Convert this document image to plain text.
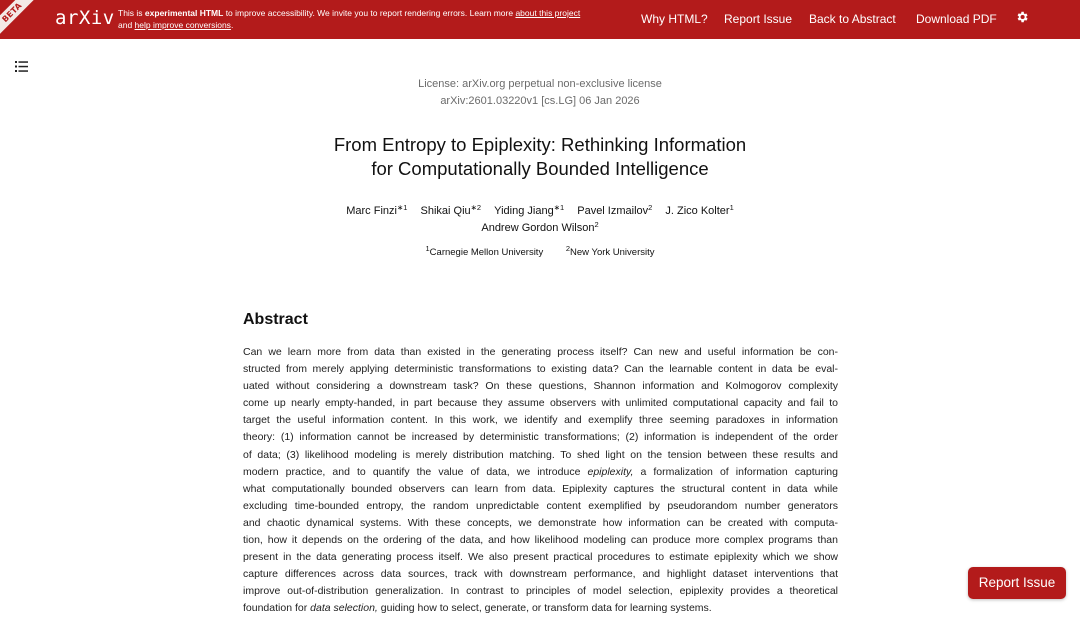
BETA	arXiv This is experimental HTML to improve accessibility. We invite you to report rendering errors. Learn more about this project
and help improve conversions.	Why HTML? Report Issue Back to Abstract Download PDF
License: arXiv.org perpetual non-exclusive license
arXiv:2601.03220v1 [cs.LG] 06 Jan 2026
From Entropy to Epiplexity: Rethinking Information
for Computationally Bounded Intelligence
Marc Finzi$^{∗1}$ Shikai Qiu$^{∗2}$ Yiding Jiang$^{∗1}$ Pavel Izmailov$^2$ J. Zico Kolter$^1$
Andrew Gordon Wilson$^2$
$^1$Carnegie Mellon University	$^2$New York University
Abstract
Can we learn more from data than existed in the generating process itself? Can new and useful information be con-
structed from merely applying deterministic transformations to existing data? Can the learnable content in data be eval-
uated without considering a downstream task? On these questions, Shannon information and Kolmogorov complexity
come up nearly empty-handed, in part because they assume observers with unlimited computational capacity and fail to
target the useful information content. In this work, we identify and exemplify three seeming paradoxes in information
theory: (1) information cannot be increased by deterministic transformations; (2) information is independent of the order
of data; (3) likelihood modeling is merely distribution matching. To shed light on the tension between these results and
modern practice, and to quantify the value of data, we introduce epiplexity, a formalization of information capturing
what computationally bounded observers can learn from data. Epiplexity captures the structural content in data while
excluding time-bounded entropy, the random unpredictable content exemplified by pseudorandom number generators
and chaotic dynamical systems. With these concepts, we demonstrate how information can be created with computa-
tion, how it depends on the ordering of the data, and how likelihood modeling can produce more complex programs than
present in the data generating process itself. We also present practical procedures to estimate epiplexity which we show
capture differences across data sources, track with downstream performance, and highlight dataset interventions that
improve out-of-distribution generalization. In contrast to principles of model selection, epiplexity provides a theoretical
foundation for data selection, guiding how to select, generate, or transform data for learning systems.
Report Issue
